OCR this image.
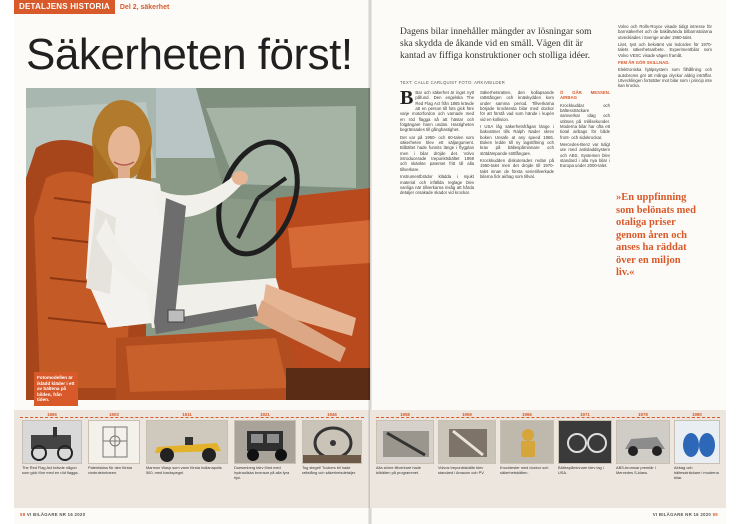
DETALJENS HISTORIA	Del 2, säkerhet
Säkerheten först!
Fotomodellen är iklädd kläder i ett av bältena på bilden, från tiden.
1865
The Red Flag Act krävde någon som gick före med en röd flagga.
1903
Patentskiss för den första vindrutetorkaren.
1911
Marmon Wasp som vann första Indianapolis 500, med backspegel.
1921
Duesenberg blev först med hydrauliska bromsar på alla fyra hjul.
1946
Tog steget! Tuckers bil hade rattstång och säkerhetsdetaljer.
58 VI BILÄGARE NR 16 2020
Dagens bilar innehåller mängder av lösningar som ska skydda de åkande vid en smäll. Vägen dit är kantad av fiffiga konstruktioner och stolliga idéer.
TEXT: CALLE CARLQUIST FOTO: ARKIVBILDER

B Bar och säkerhet är inget nytt påfund. Den engelska The Red Flag Act från 1865 krävde att en person till fots gick före varje motorfordon och varnade med en röd flagga så att hästar och fotgängare hann undan. Hastigheten begränsades till gånghastighet.

Det var på 1950- och 60-talen som säkerheten blev ett säljargument. Bilbältet hade funnits länge i flygplan men i bilar dröjde det. Volvo introducerade trepunktsbältet 1959 och skänkte patentet fritt till alla tillverkare.

Instrumentbrädor klädda i mjukt material och infällda reglage blev vanliga när tillverkarna insåg att hårda detaljer orsakade skador vid krockar.

Säkerhetsratten, den kollapsande rattstången och knäskydden kom under samma period. Tillverkarna började krocktesta bilar med dockor för att förstå vad som hände i kupén vid en kollision.

I USA låg säkerhetsfrågan länge i bakvattnet tills Ralph Nader skrev boken Unsafe at any speed 1965. Boken ledde till ny lagstiftning och krav på bältespåminnare och stötdämpande stötfångare.

Krockkudden diskuterades redan på 1950-talet men det dröjde till 1970-talet innan de första serietillverkade bilarna fick airbag som tillval.

Ö GÅR MESSEN. AIRBAG

Krockkuddar och bältessträckare samverkar idag och utlöses på millisekunder. Moderna bilar har ofta ett tiotal airbags för både front- och sidokrockar.

Mercedes-Benz var tidigt ute med antisladdsystem och ABS. Systemen blev standard i alla nya bilar i Europa under 2000-talet.

»En uppfinning som belönats med otaliga priser genom åren och anses ha räddat över en miljon liv.«

Volvo och Rolls-Royce visade tidigt intresse för barnsäkerhet och de bakåtvända bilbarnstolarna utvecklades i Sverige under 1960-talet.

Litet, tyst och bekvämt var ledorden för 1970-talets säkerhetsarbete. Experimentbilar som Volvo VESC visade vägen framåt.

FEM ÅR GÖR SKILLNAD.

Elektroniska hjälpsystem som filhållning och autobroms gör att många olyckor aldrig inträffar. Utvecklingen fortsätter mot bilar som i princip inte kan krocka.

1958
Alla större tillverkare hade bilbälten på programmet.
1959
Volvos trepunktsbälte blev standard i Amazon och PV.
1966
Krocktester med dockor och säkerhetsbälten.
1971
Bältespåminnare blev lag i USA.
1978
ABS-bromsar premiär i Mercedes S-klass.
1980
Airbag och bältessträckare i moderna bilar.
VI BILÄGARE NR 16 2020 59
